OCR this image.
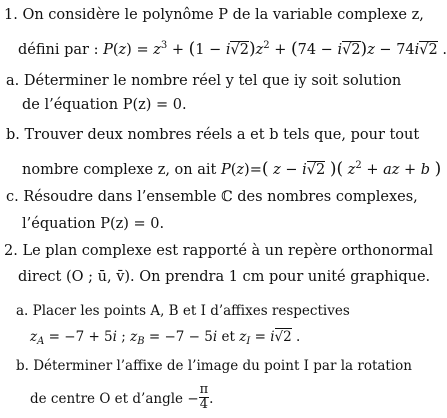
1. On considère le polynôme P de la variable complexe z,
défini par : $P(z) = z^3 + (1 - i√2)z^2 + (74 - i√2)z - 74i√2$ .
a. Déterminer le nombre réel y tel que iy soit solution
de l’équation P(z) = 0.
b. Trouver deux nombres réels a et b tels que, pour tout
nombre complexe z, on ait P(z)=( z − i√2 )( $z^2$ + az + b )
c. Résoudre dans l’ensemble ℂ des nombres complexes,
l’équation P(z) = 0.
2. Le plan complexe est rapporté à un repère orthonormal
direct (O ; ū, v̄). On prendra 1 cm pour unité graphique.
a. Placer les points A, B et I d’affixes respectives
$z_A = -7 + 5i$ ; $z_B = -7 - 5i$ et $z_I = i√2$ .
b. Déterminer l’affixe de l’image du point I par la rotation
de centre O et d’angle − $\frac{\pi}{4}$ .
